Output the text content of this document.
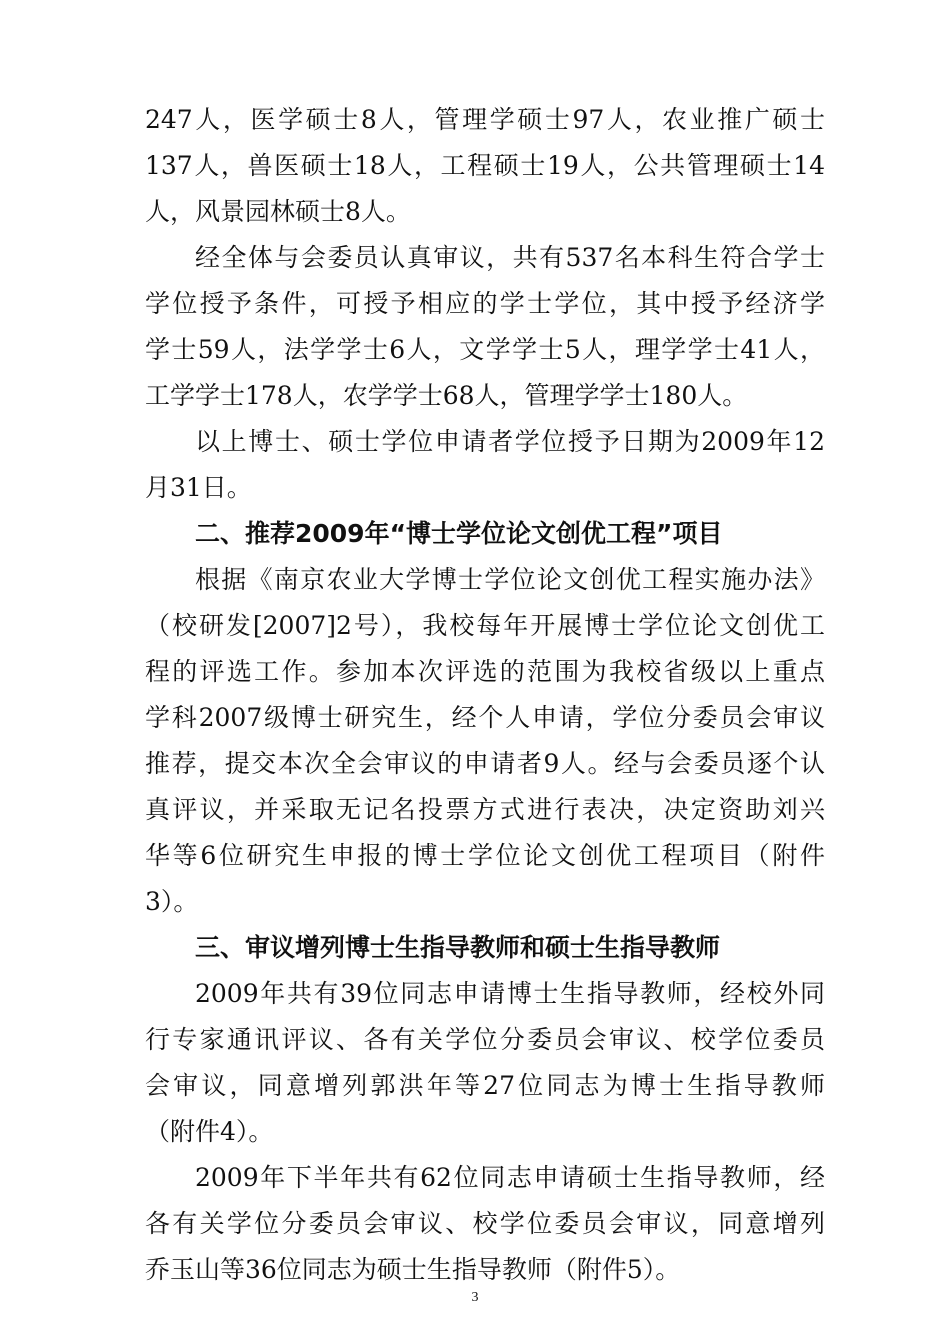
247人，医学硕士8人，管理学硕士97人，农业推广硕士
137人，兽医硕士18人，工程硕士19人，公共管理硕士14
人，风景园林硕士8人。
经全体与会委员认真审议，共有537名本科生符合学士
学位授予条件，可授予相应的学士学位，其中授予经济学
学士59人，法学学士6人，文学学士5人，理学学士41人，
工学学士178人，农学学士68人，管理学学士180人。
以上博士、硕士学位申请者学位授予日期为2009年12
月31日。
二、推荐2009年“博士学位论文创优工程”项目
根据《南京农业大学博士学位论文创优工程实施办法》
（校研发[2007]2号），我校每年开展博士学位论文创优工
程的评选工作。参加本次评选的范围为我校省级以上重点
学科2007级博士研究生，经个人申请，学位分委员会审议
推荐，提交本次全会审议的申请者9人。经与会委员逐个认
真评议，并采取无记名投票方式进行表决，决定资助刘兴
华等6位研究生申报的博士学位论文创优工程项目（附件
3）。
三、审议增列博士生指导教师和硕士生指导教师
2009年共有39位同志申请博士生指导教师，经校外同
行专家通讯评议、各有关学位分委员会审议、校学位委员
会审议，同意增列郭洪年等27位同志为博士生指导教师
（附件4）。
2009年下半年共有62位同志申请硕士生指导教师，经
各有关学位分委员会审议、校学位委员会审议，同意增列
乔玉山等36位同志为硕士生指导教师（附件5）。
3
